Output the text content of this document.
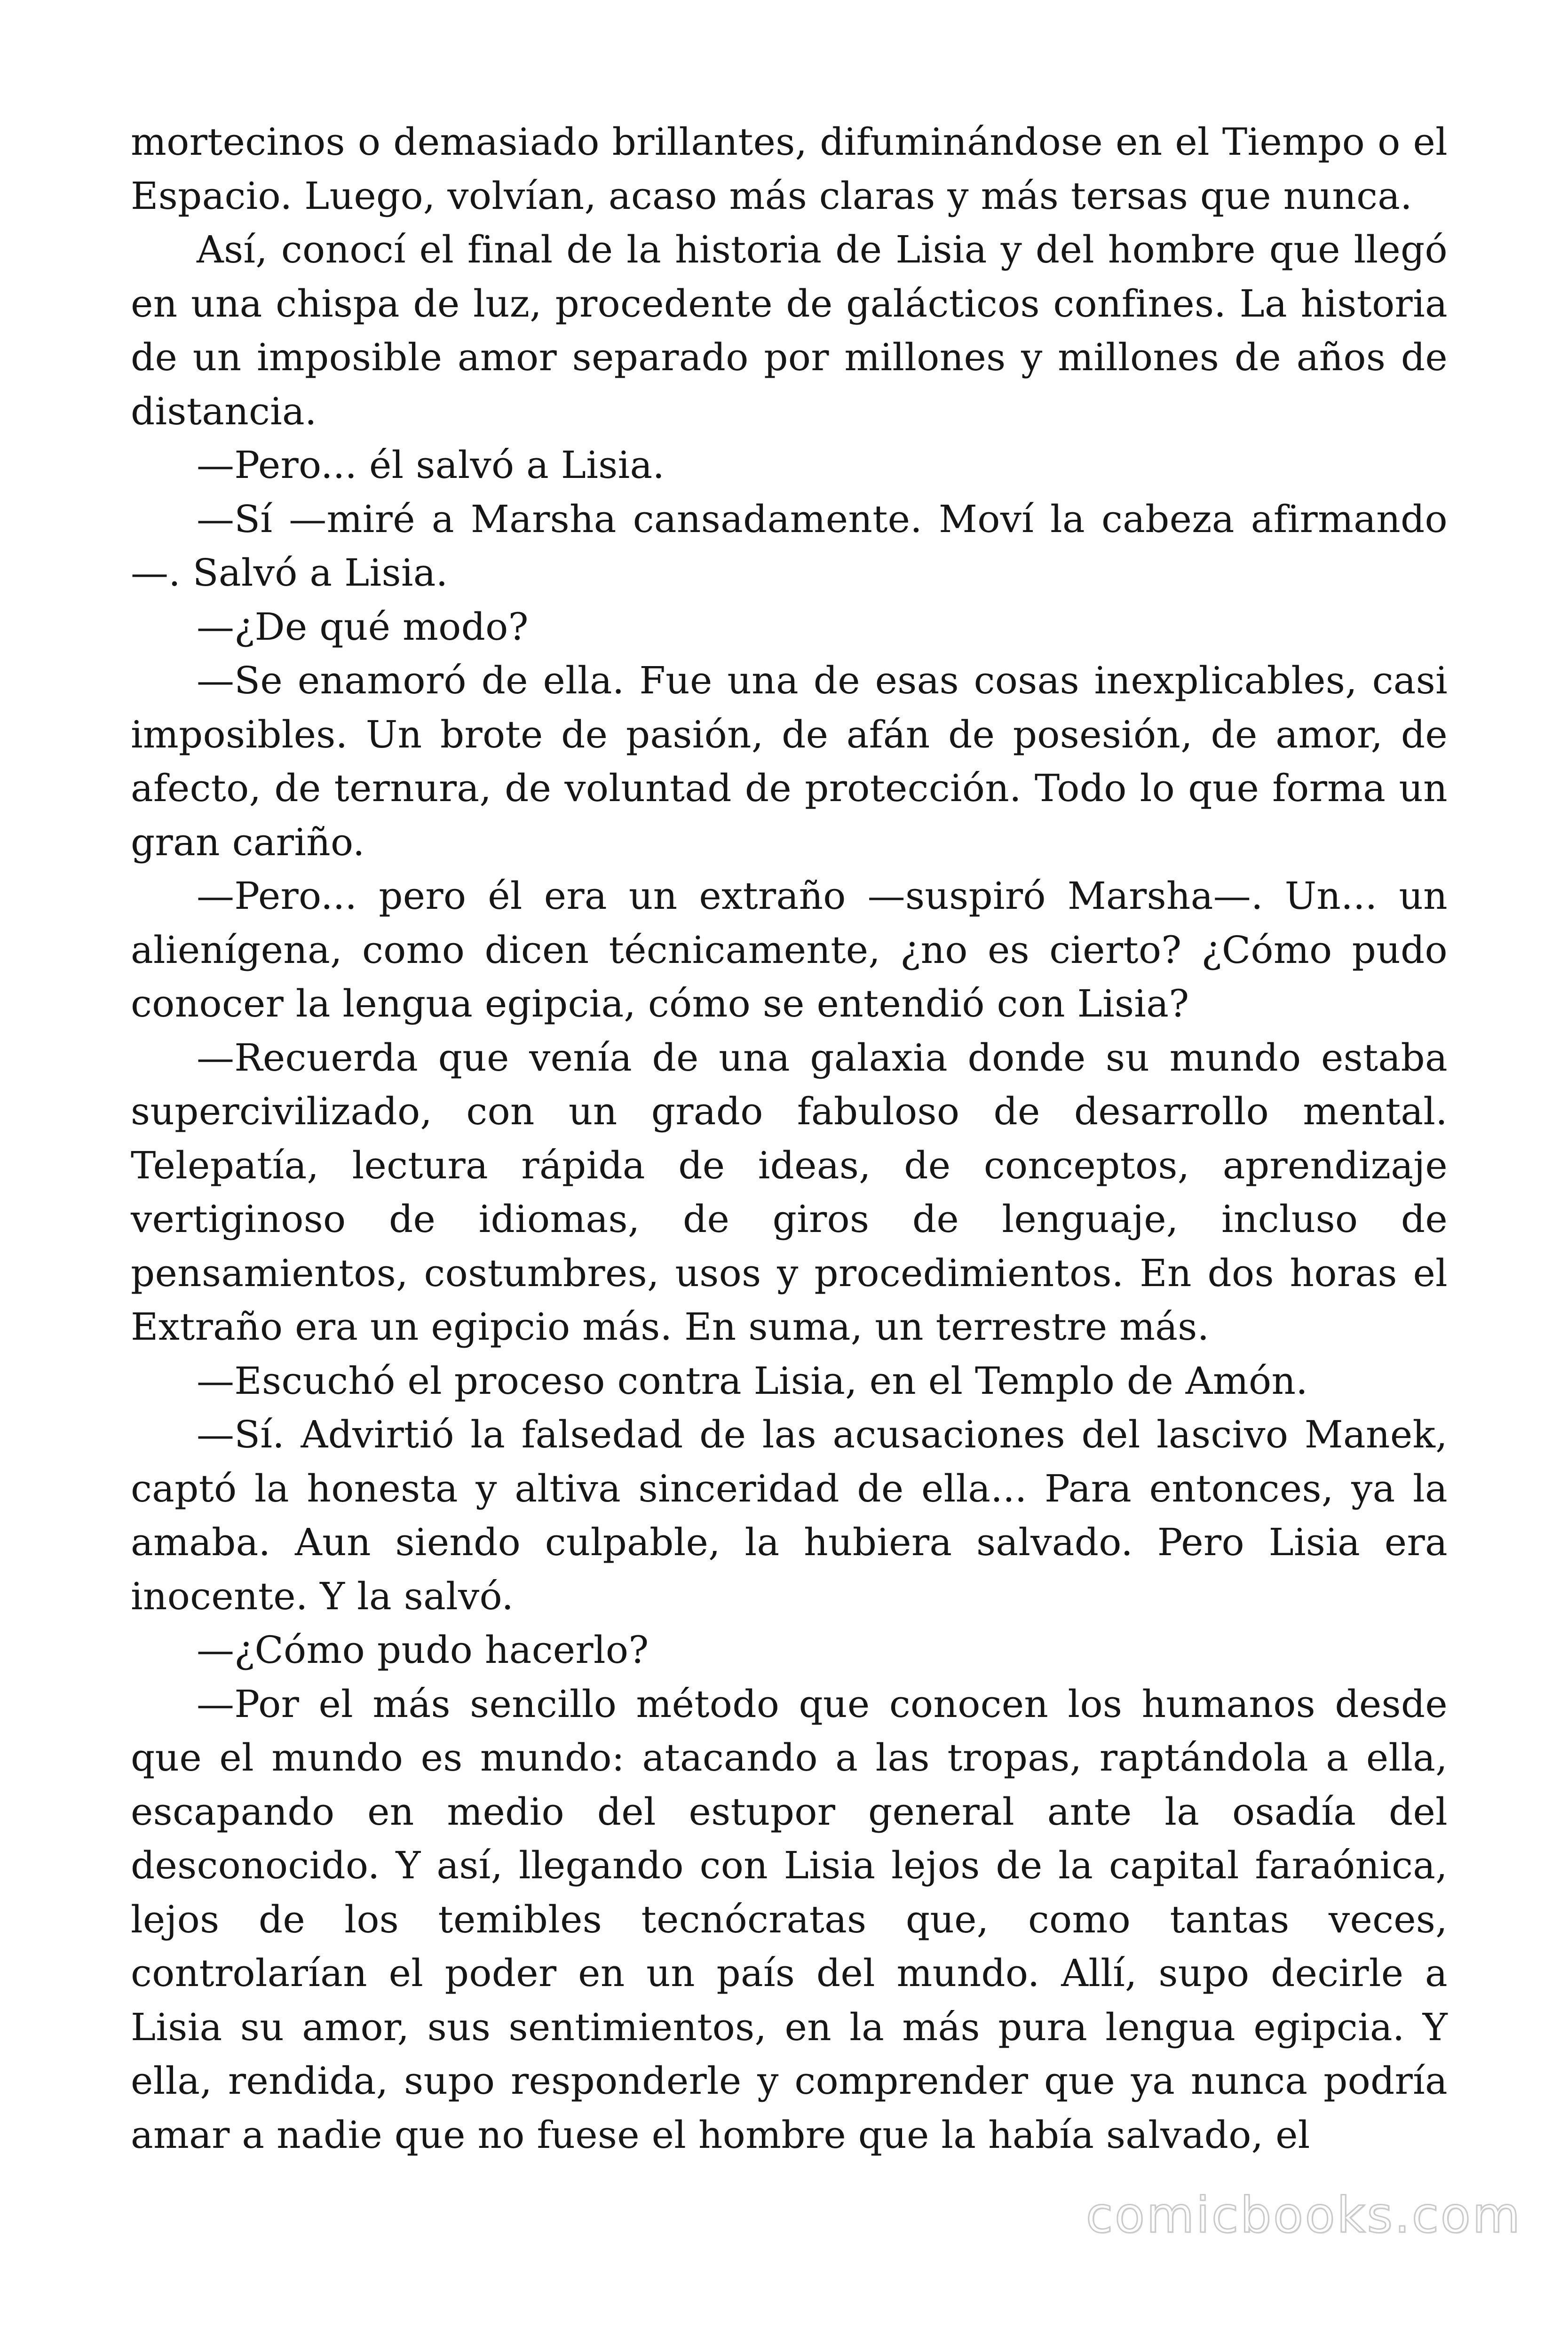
mortecinos o demasiado brillantes, difuminándose en el Tiempo o el Espacio. Luego, volvían, acaso más claras y más tersas que nunca.

Así, conocí el final de la historia de Lisia y del hombre que llegó en una chispa de luz, procedente de galácticos confines. La historia de un imposible amor separado por millones y millones de años de distancia.

—Pero... él salvó a Lisia.

—Sí —miré a Marsha cansadamente. Moví la cabeza afirmando —. Salvó a Lisia.

—¿De qué modo?

—Se enamoró de ella. Fue una de esas cosas inexplicables, casi imposibles. Un brote de pasión, de afán de posesión, de amor, de afecto, de ternura, de voluntad de protección. Todo lo que forma un gran cariño.

—Pero... pero él era un extraño —suspiró Marsha—. Un... un alienígena, como dicen técnicamente, ¿no es cierto? ¿Cómo pudo conocer la lengua egipcia, cómo se entendió con Lisia?

—Recuerda que venía de una galaxia donde su mundo estaba supercivilizado, con un grado fabuloso de desarrollo mental. Telepatía, lectura rápida de ideas, de conceptos, aprendizaje vertiginoso de idiomas, de giros de lenguaje, incluso de pensamientos, costumbres, usos y procedimientos. En dos horas el Extraño era un egipcio más. En suma, un terrestre más.

—Escuchó el proceso contra Lisia, en el Templo de Amón.

—Sí. Advirtió la falsedad de las acusaciones del lascivo Manek, captó la honesta y altiva sinceridad de ella... Para entonces, ya la amaba. Aun siendo culpable, la hubiera salvado. Pero Lisia era inocente. Y la salvó.

—¿Cómo pudo hacerlo?

—Por el más sencillo método que conocen los humanos desde que el mundo es mundo: atacando a las tropas, raptándola a ella, escapando en medio del estupor general ante la osadía del desconocido. Y así, llegando con Lisia lejos de la capital faraónica, lejos de los temibles tecnócratas que, como tantas veces, controlarían el poder en un país del mundo. Allí, supo decirle a Lisia su amor, sus sentimientos, en la más pura lengua egipcia. Y ella, rendida, supo responderle y comprender que ya nunca podría amar a nadie que no fuese el hombre que la había salvado, el

comicbooks.com
